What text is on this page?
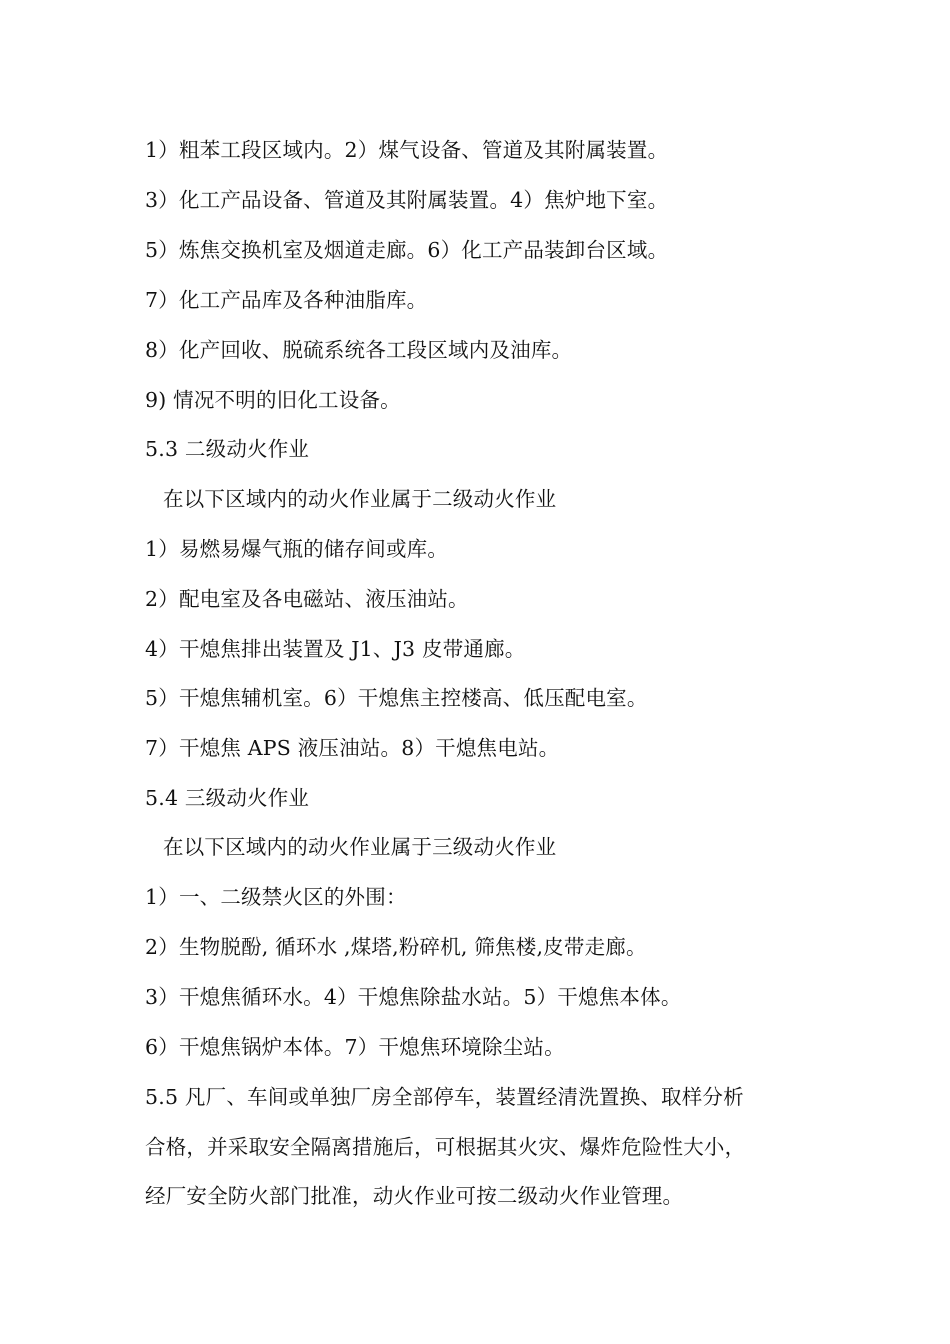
1）粗苯工段区域内。2）煤气设备、管道及其附属装置。
3）化工产品设备、管道及其附属装置。4）焦炉地下室。
5）炼焦交换机室及烟道走廊。6）化工产品装卸台区域。
7）化工产品库及各种油脂库。
8）化产回收、脱硫系统各工段区域内及油库。
9) 情况不明的旧化工设备。
5.3 二级动火作业
在以下区域内的动火作业属于二级动火作业
1）易燃易爆气瓶的储存间或库。
2）配电室及各电磁站、液压油站。
4）干熄焦排出装置及 J1、J3 皮带通廊。
5）干熄焦辅机室。6）干熄焦主控楼高、低压配电室。
7）干熄焦 APS 液压油站。8）干熄焦电站。
5.4 三级动火作业
在以下区域内的动火作业属于三级动火作业
1）一、二级禁火区的外围：
2）生物脱酚, 循环水 ,煤塔,粉碎机, 筛焦楼,皮带走廊。
3）干熄焦循环水。4）干熄焦除盐水站。5）干熄焦本体。
6）干熄焦锅炉本体。7）干熄焦环境除尘站。
5.5 凡厂、车间或单独厂房全部停车，装置经清洗置换、取样分析
合格，并采取安全隔离措施后，可根据其火灾、爆炸危险性大小，
经厂安全防火部门批准，动火作业可按二级动火作业管理。
